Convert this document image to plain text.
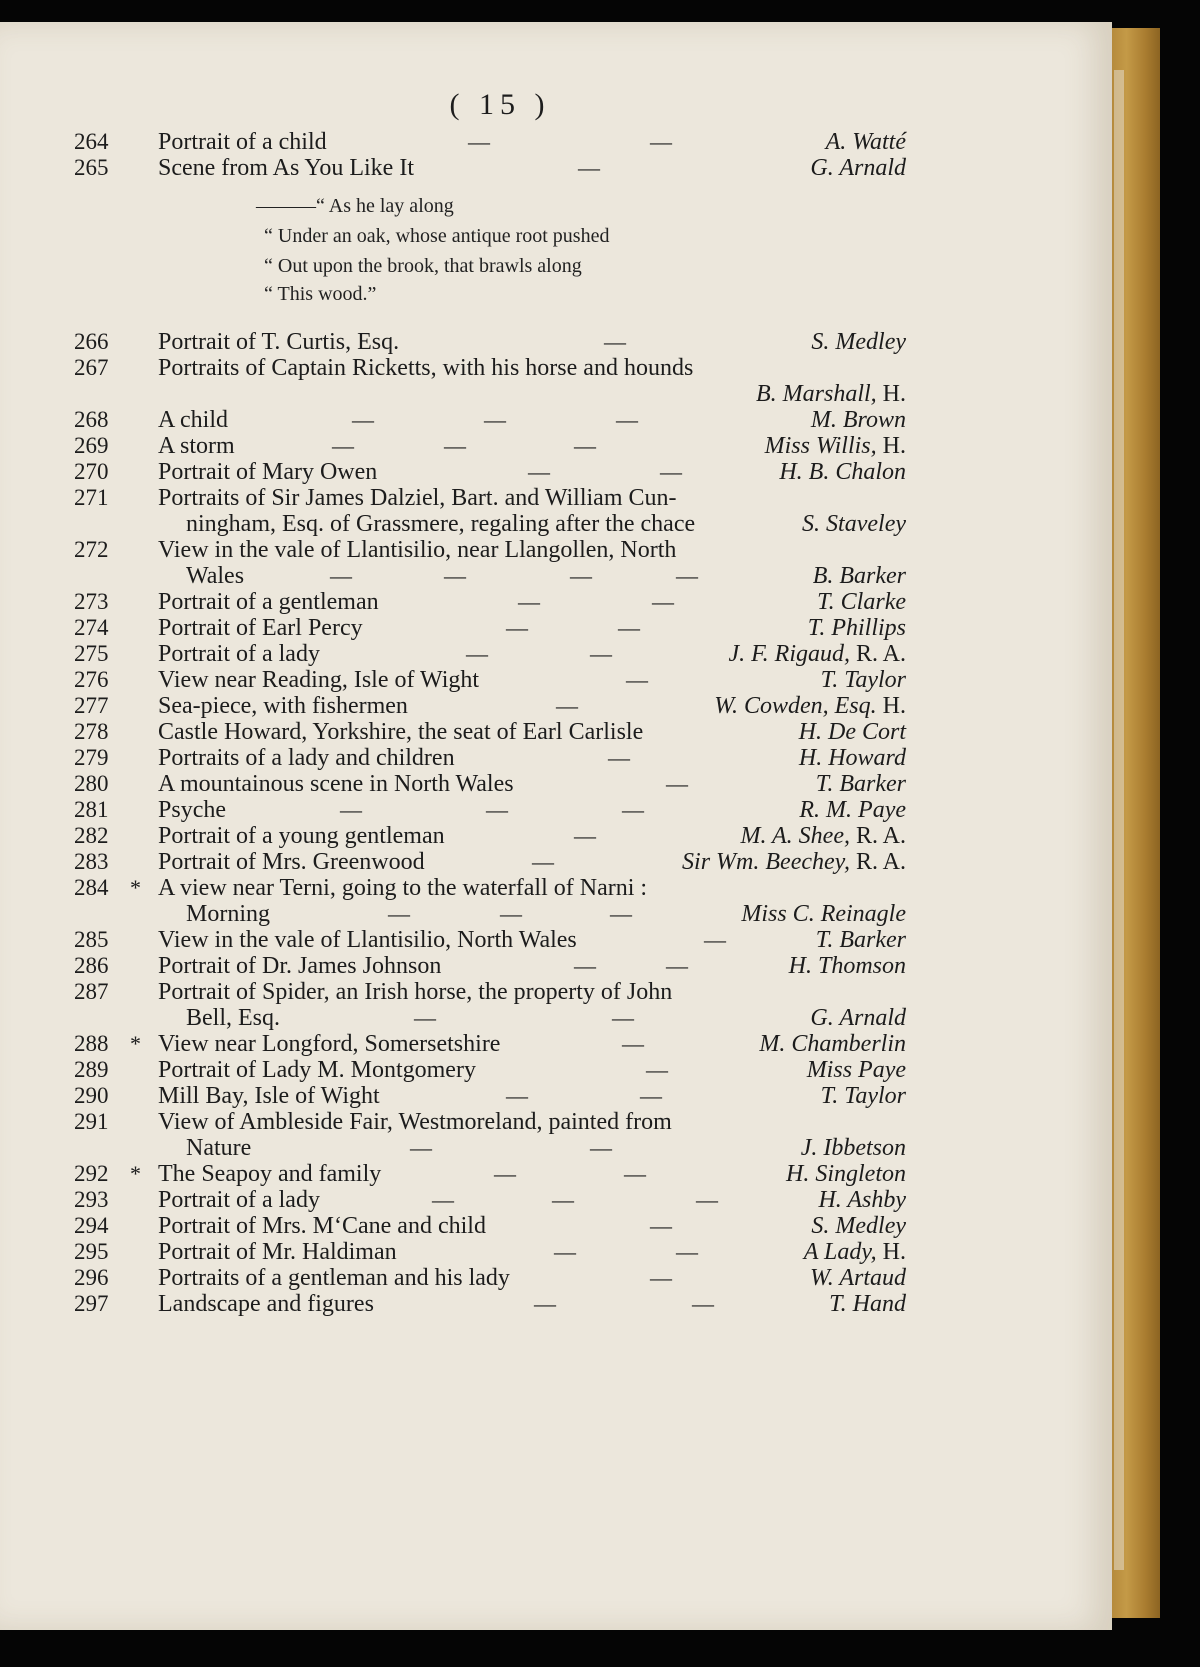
( 15 )
———“ As he lay along
“ Under an oak, whose antique root pushed
“ Out upon the brook, that brawls along
“ This wood.”
264	Portrait of a child	—	—	A. Watté
265	Scene from As You Like It	—	G. Arnald
266	Portrait of T. Curtis, Esq.	—	S. Medley
267	Portraits of Captain Ricketts, with his horse and hounds
B. Marshall, H.
268	A child	—	—	—	M. Brown
269	A storm	—	—	—	Miss Willis, H.
270	Portrait of Mary Owen	—	—	H. B. Chalon
271	Portraits of Sir James Dalziel, Bart. and William Cun-
ningham, Esq. of Grassmere, regaling after the chace	S. Staveley
272	View in the vale of Llantisilio, near Llangollen, North
Wales	—	—	—	—	B. Barker
273	Portrait of a gentleman	—	—	T. Clarke
274	Portrait of Earl Percy	—	—	T. Phillips
275	Portrait of a lady	—	—	J. F. Rigaud, R. A.
276	View near Reading, Isle of Wight	—	T. Taylor
277	Sea-piece, with fishermen	—	W. Cowden, Esq. H.
278	Castle Howard, Yorkshire, the seat of Earl Carlisle	H. De Cort
279	Portraits of a lady and children	—	H. Howard
280	A mountainous scene in North Wales	—	T. Barker
281	Psyche	—	—	—	R. M. Paye
282	Portrait of a young gentleman	—	M. A. Shee, R. A.
283	Portrait of Mrs. Greenwood	—	Sir Wm. Beechey, R. A.
284 * A view near Terni, going to the waterfall of Narni :
Morning	—	—	—	Miss C. Reinagle
285	View in the vale of Llantisilio, North Wales	—	T. Barker
286	Portrait of Dr. James Johnson	—	—	H. Thomson
287	Portrait of Spider, an Irish horse, the property of John
Bell, Esq.	—	—	G. Arnald
288 * View near Longford, Somersetshire	—	M. Chamberlin
289	Portrait of Lady M. Montgomery	—	Miss Paye
290	Mill Bay, Isle of Wight	—	—	T. Taylor
291	View of Ambleside Fair, Westmoreland, painted from
Nature	—	—	J. Ibbetson
292 * The Seapoy and family	—	—	H. Singleton
293	Portrait of a lady	—	—	—	H. Ashby
294	Portrait of Mrs. M‘Cane and child	—	S. Medley
295	Portrait of Mr. Haldiman	—	—	A Lady, H.
296	Portraits of a gentleman and his lady	—	W. Artaud
297	Landscape and figures	—	—	T. Hand
